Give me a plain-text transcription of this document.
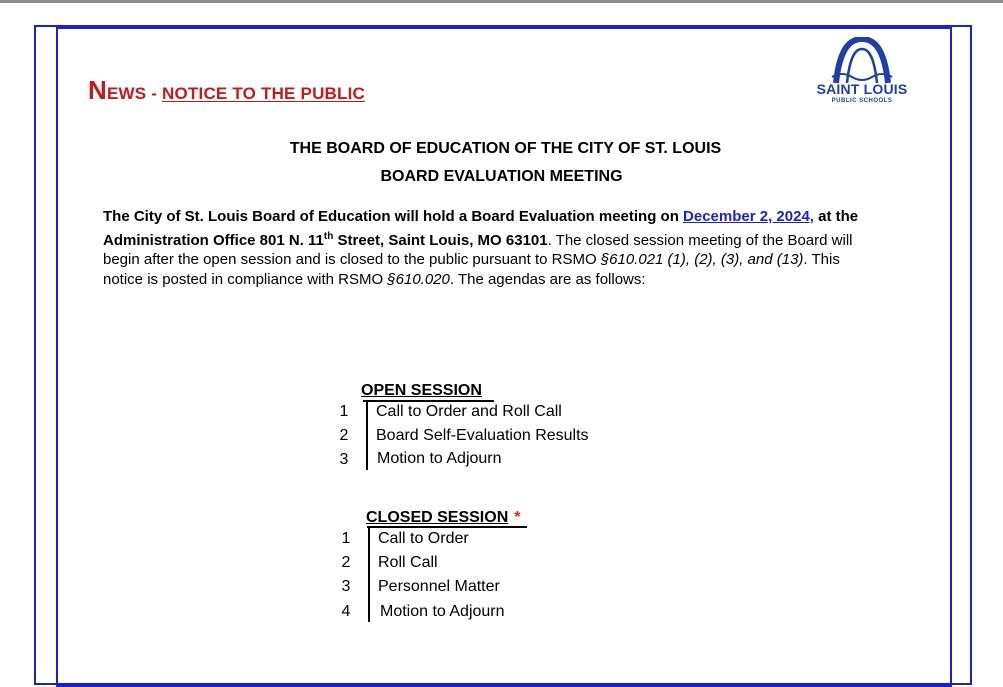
NEWS - NOTICE TO THE PUBLIC	SAINT LOUIS
PUBLIC SCHOOLS
THE BOARD OF EDUCATION OF THE CITY OF ST. LOUIS
BOARD EVALUATION MEETING
The City of St. Louis Board of Education will hold a Board Evaluation meeting on December 2, 2024, at the Administration Office 801 N. 11th Street, Saint Louis, MO 63101. The closed session meeting of the Board will begin after the open session and is closed to the public pursuant to RSMO §610.021 (1), (2), (3), and (13). This notice is posted in compliance with RSMO §610.020. The agendas are as follows:
OPEN SESSION
1 Call to Order and Roll Call
2 Board Self-Evaluation Results
3 Motion to Adjourn
CLOSED SESSION *
1 Call to Order
2 Roll Call
3 Personnel Matter
4 Motion to Adjourn
